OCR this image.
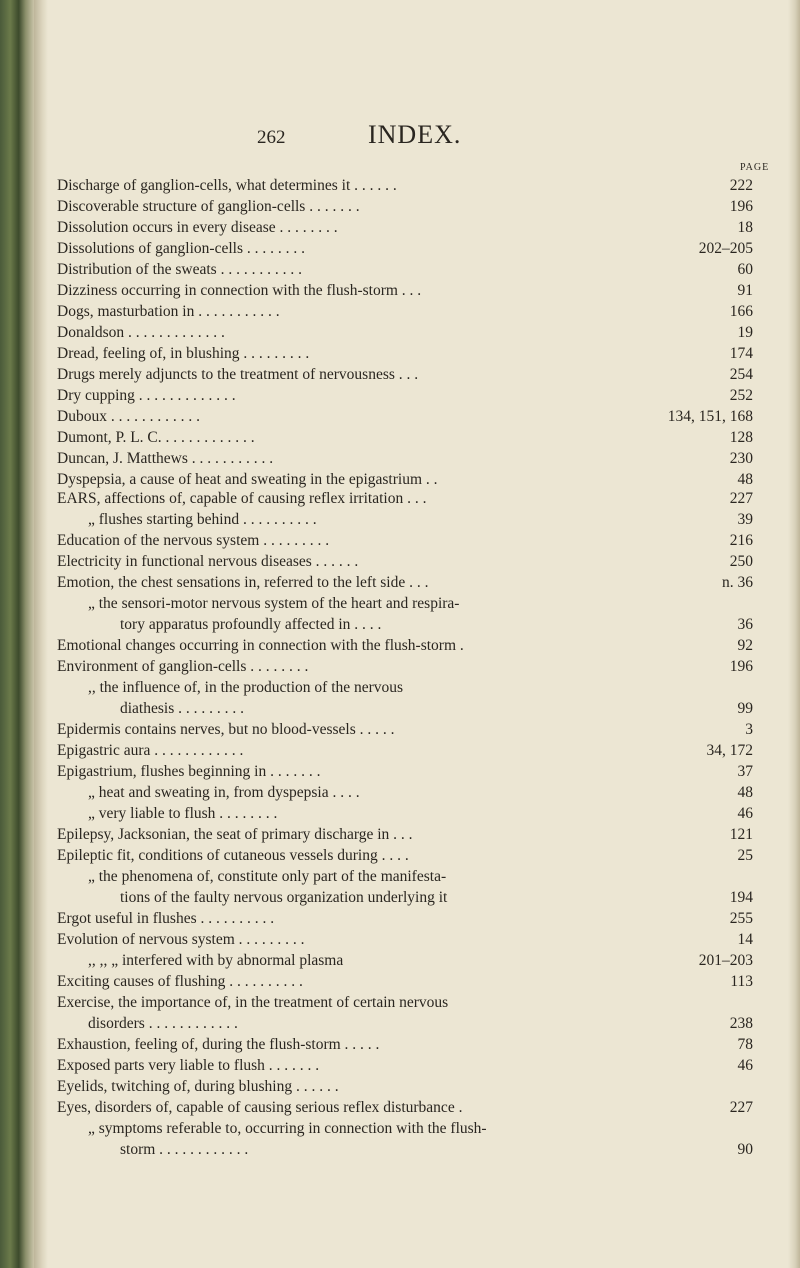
262	INDEX.
PAGE
Discharge of ganglion-cells, what determines it . . . . . .	222
Discoverable structure of ganglion-cells . . . . . . .	196
Dissolution occurs in every disease . . . . . . . .	18
Dissolutions of ganglion-cells . . . . . . . .	202–205
Distribution of the sweats . . . . . . . . . . .	60
Dizziness occurring in connection with the flush-storm . . .	91
Dogs, masturbation in . . . . . . . . . . .	166
Donaldson . . . . . . . . . . . . .	19
Dread, feeling of, in blushing . . . . . . . . .	174
Drugs merely adjuncts to the treatment of nervousness . . .	254
Dry cupping . . . . . . . . . . . . .	252
Duboux . . . . . . . . . . . .	134, 151, 168
Dumont, P. L. C. . . . . . . . . . . . .	128
Duncan, J. Matthews . . . . . . . . . . .	230
Dyspepsia, a cause of heat and sweating in the epigastrium . .	48
EARS, affections of, capable of causing reflex irritation . . .	227
„ flushes starting behind . . . . . . . . . .	39
Education of the nervous system . . . . . . . . .	216
Electricity in functional nervous diseases . . . . . .	250
Emotion, the chest sensations in, referred to the left side . . .	n. 36
„ the sensori-motor nervous system of the heart and respira-
tory apparatus profoundly affected in . . . .	36
Emotional changes occurring in connection with the flush-storm .	92
Environment of ganglion-cells . . . . . . . .	196
,, the influence of, in the production of the nervous
diathesis . . . . . . . . .	99
Epidermis contains nerves, but no blood-vessels . . . . .	3
Epigastric aura . . . . . . . . . . . .	34, 172
Epigastrium, flushes beginning in . . . . . . .	37
„ heat and sweating in, from dyspepsia . . . .	48
„ very liable to flush . . . . . . . .	46
Epilepsy, Jacksonian, the seat of primary discharge in . . .	121
Epileptic fit, conditions of cutaneous vessels during . . . .	25
„ the phenomena of, constitute only part of the manifesta-
tions of the faulty nervous organization underlying it	194
Ergot useful in flushes . . . . . . . . . .	255
Evolution of nervous system . . . . . . . . .	14
,, ,, „ interfered with by abnormal plasma	201–203
Exciting causes of flushing . . . . . . . . . .	113
Exercise, the importance of, in the treatment of certain nervous
disorders . . . . . . . . . . . .	238
Exhaustion, feeling of, during the flush-storm . . . . .	78
Exposed parts very liable to flush . . . . . . .	46
Eyelids, twitching of, during blushing . . . . . .
Eyes, disorders of, capable of causing serious reflex disturbance .	227
„ symptoms referable to, occurring in connection with the flush-
storm . . . . . . . . . . . .	90
